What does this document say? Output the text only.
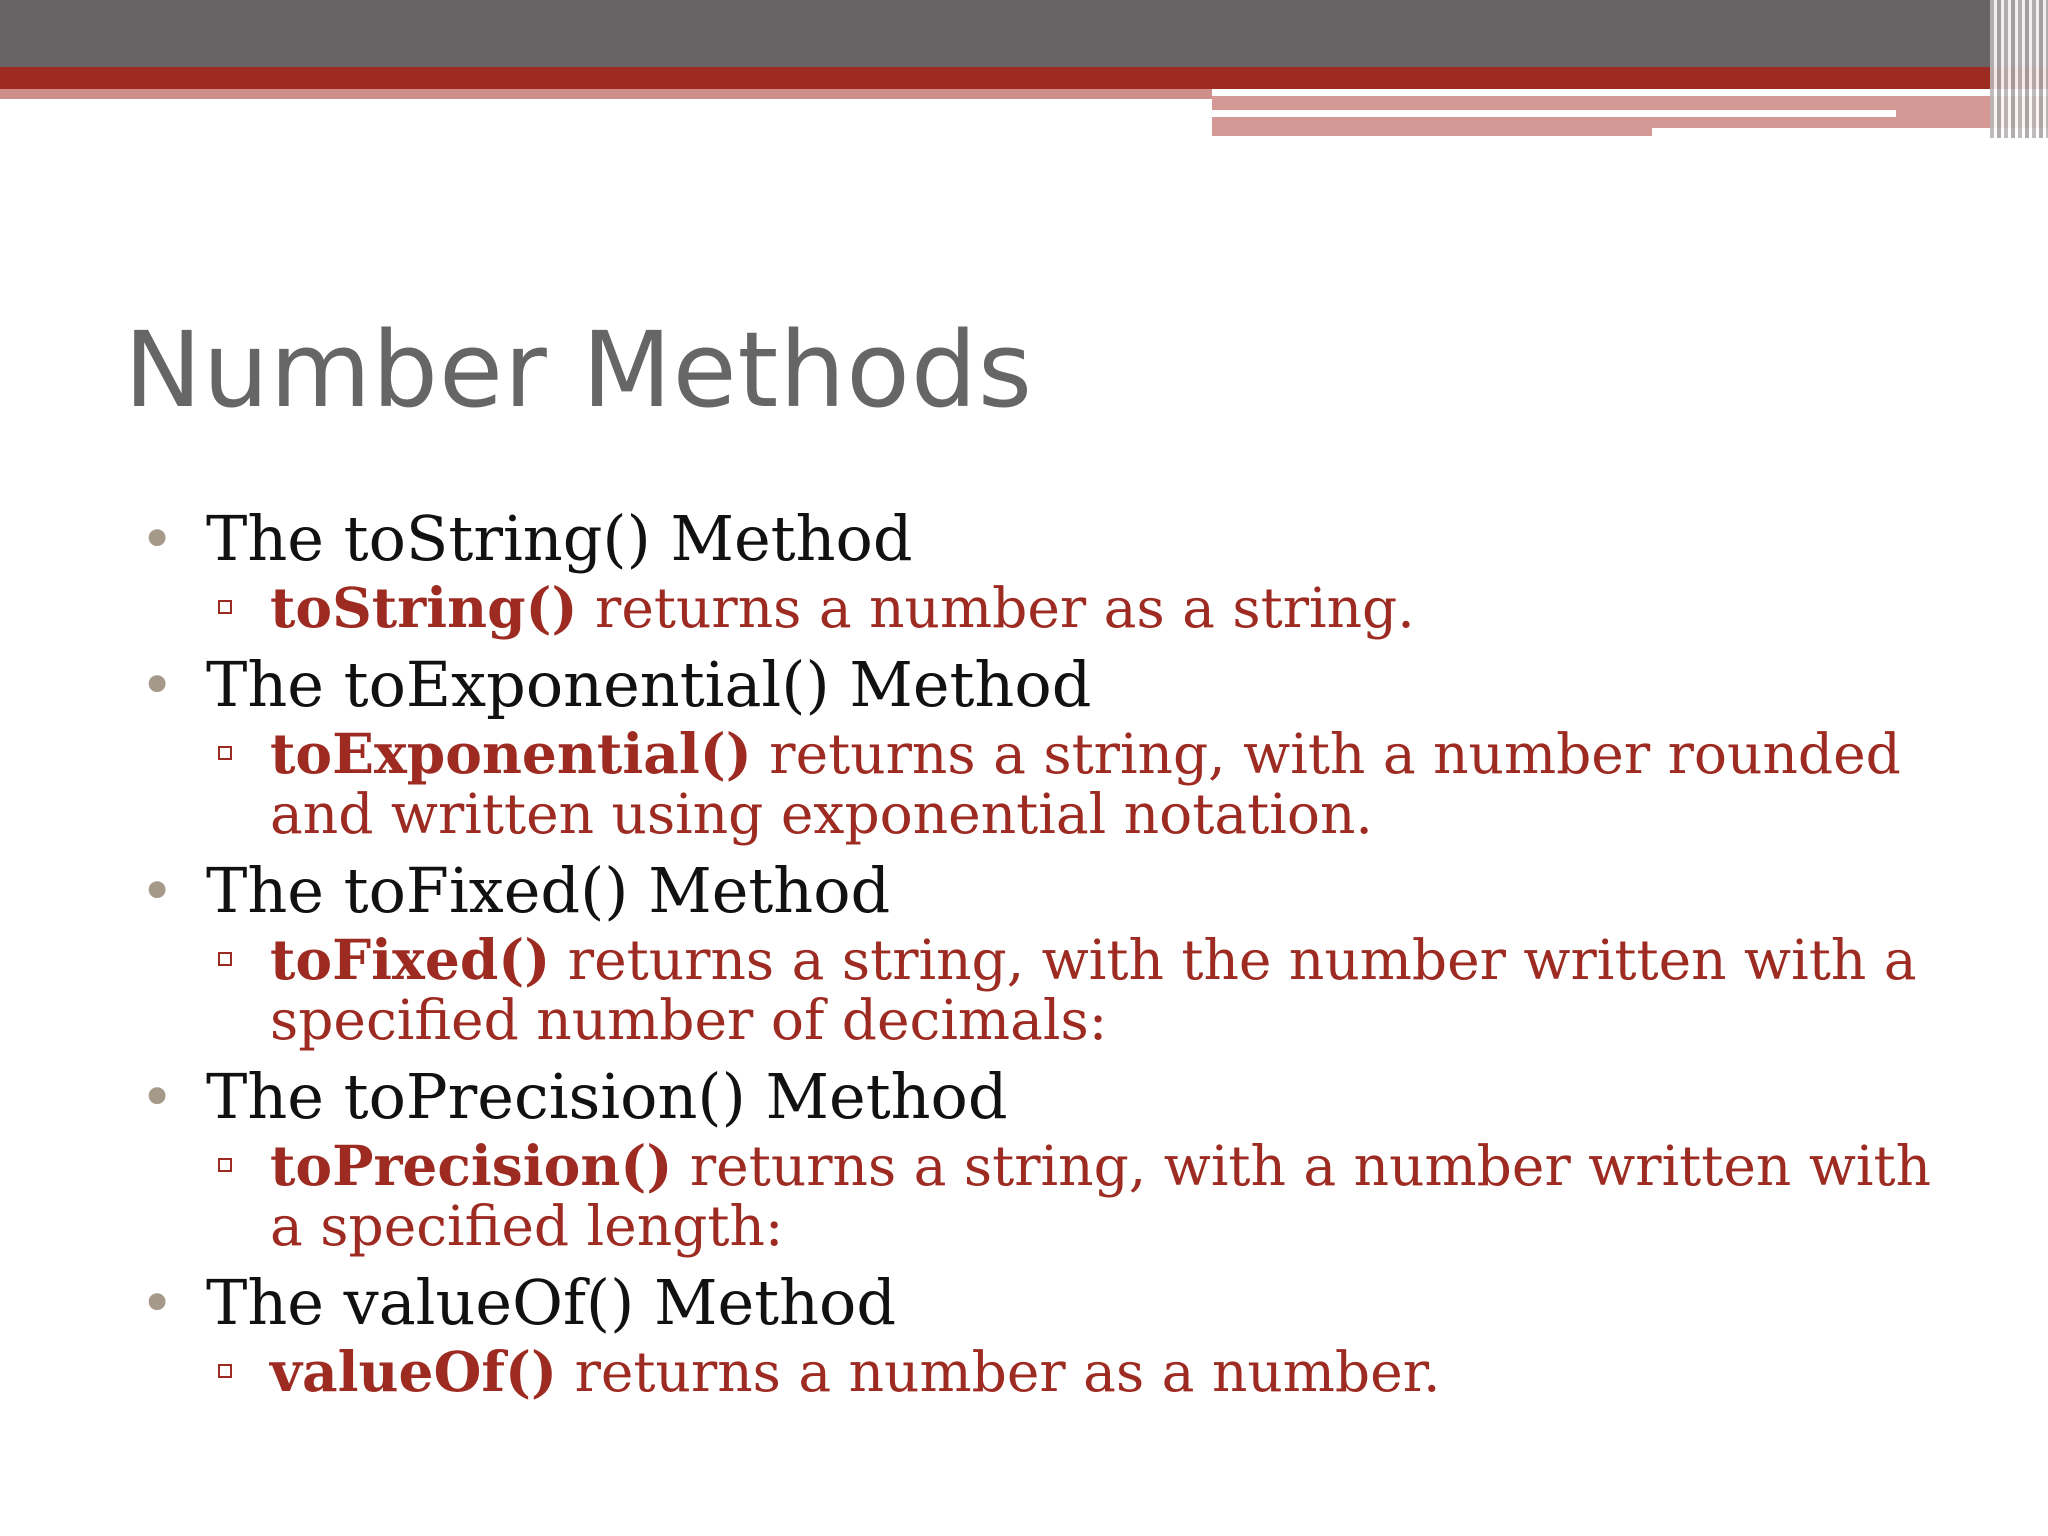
Number Methods
• The toString() Method
toString() returns a number as a string.
• The toExponential() Method
toExponential() returns a string, with a number rounded and written using exponential notation.
• The toFixed() Method
toFixed() returns a string, with the number written with a specified number of decimals:
• The toPrecision() Method
toPrecision() returns a string, with a number written with a specified length:
• The valueOf() Method
valueOf() returns a number as a number.
